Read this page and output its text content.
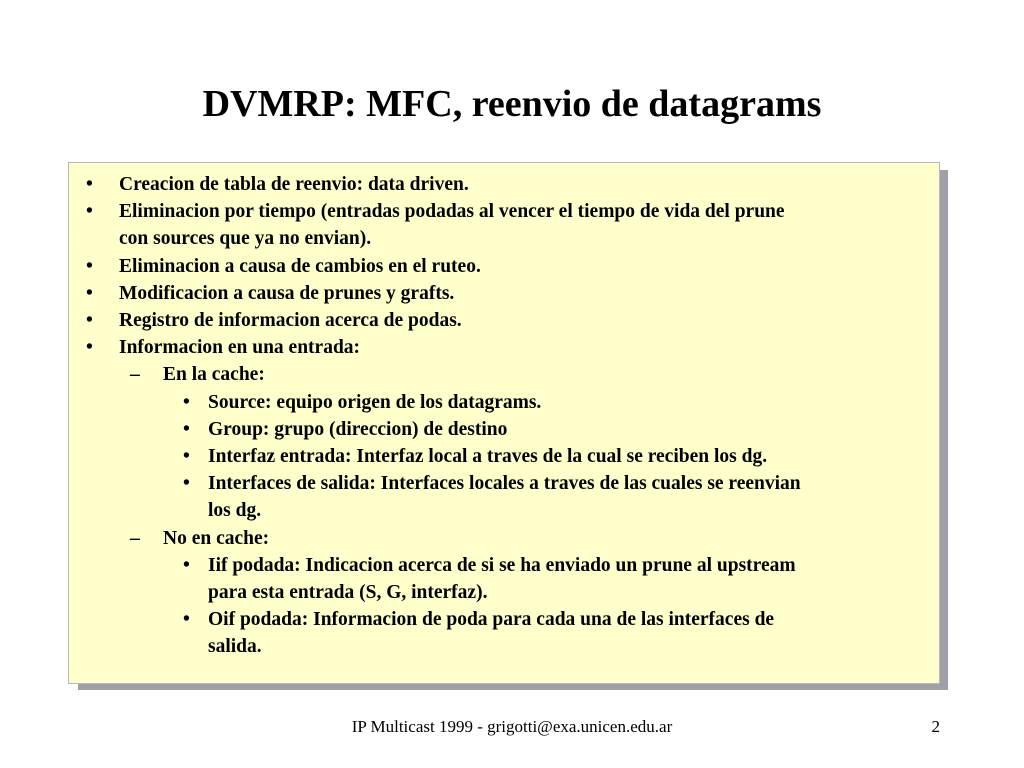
DVMRP: MFC, reenvio de datagrams
• Creacion de tabla de reenvio: data driven.
• Eliminacion por tiempo (entradas podadas al vencer el tiempo de vida del prune
con sources que ya no envian).
• Eliminacion a causa de cambios en el ruteo.
• Modificacion a causa de prunes y grafts.
• Registro de informacion acerca de podas.
• Informacion en una entrada:
– En la cache:
• Source: equipo origen de los datagrams.
• Group: grupo (direccion) de destino
• Interfaz entrada: Interfaz local a traves de la cual se reciben los dg.
• Interfaces de salida: Interfaces locales a traves de las cuales se reenvian
los dg.
– No en cache:
• Iif podada: Indicacion acerca de si se ha enviado un prune al upstream
para esta entrada (S, G, interfaz).
• Oif podada: Informacion de poda para cada una de las interfaces de
salida.
IP Multicast 1999 - grigotti@exa.unicen.edu.ar	2
